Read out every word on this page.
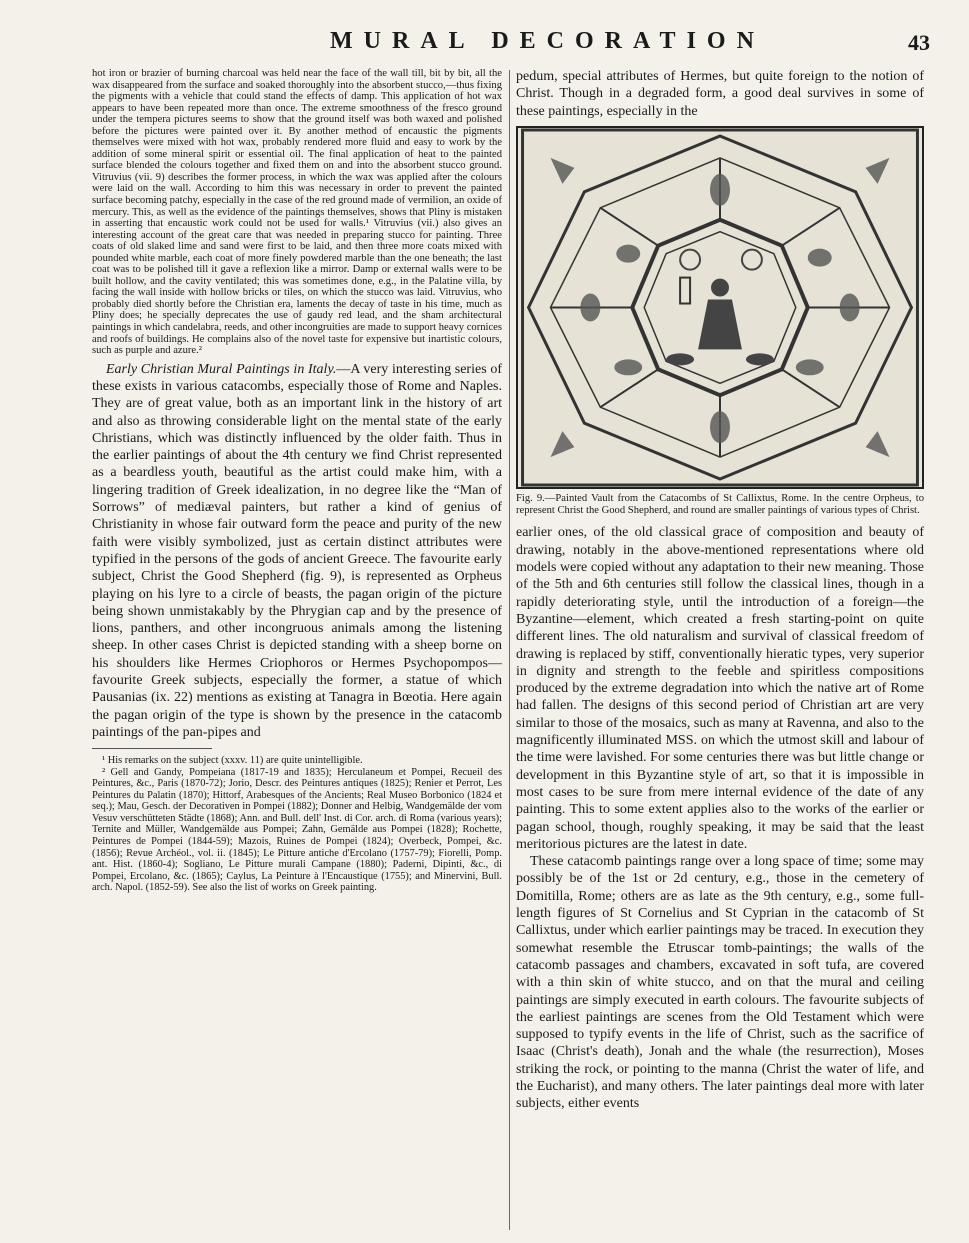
MURAL DECORATION	43

hot iron or brazier of burning charcoal was held near the face of the wall till, bit by bit, all the wax disappeared from the surface and soaked thoroughly into the absorbent stucco,—thus fixing the pigments with a vehicle that could stand the effects of damp. This application of hot wax appears to have been repeated more than once. The extreme smoothness of the fresco ground under the tempera pictures seems to show that the ground itself was both waxed and polished before the pictures were painted over it. By another method of encaustic the pigments themselves were mixed with hot wax, probably rendered more fluid and easy to work by the addition of some mineral spirit or essential oil. The final application of heat to the painted surface blended the colours together and fixed them on and into the absorbent stucco ground. Vitruvius (vii. 9) describes the former process, in which the wax was applied after the colours were laid on the wall. According to him this was necessary in order to prevent the painted surface becoming patchy, especially in the case of the red ground made of vermilion, an oxide of mercury. This, as well as the evidence of the paintings themselves, shows that Pliny is mistaken in asserting that encaustic work could not be used for walls.¹ Vitruvius (vii.) also gives an interesting account of the great care that was needed in preparing stucco for painting. Three coats of old slaked lime and sand were first to be laid, and then three more coats mixed with pounded white marble, each coat of more finely powdered marble than the one beneath; the last coat was to be polished till it gave a reflexion like a mirror. Damp or external walls were to be built hollow, and the cavity ventilated; this was sometimes done, e.g., in the Palatine villa, by facing the wall inside with hollow bricks or tiles, on which the stucco was laid. Vitruvius, who probably died shortly before the Christian era, laments the decay of taste in his time, much as Pliny does; he specially deprecates the use of gaudy red lead, and the sham architectural paintings in which candelabra, reeds, and other incongruities are made to support heavy cornices and roofs of buildings. He complains also of the novel taste for expensive but inartistic colours, such as purple and azure.²

Early Christian Mural Paintings in Italy.—A very interesting series of these exists in various catacombs, especially those of Rome and Naples. They are of great value, both as an important link in the history of art and also as throwing considerable light on the mental state of the early Christians, which was distinctly influenced by the older faith. Thus in the earlier paintings of about the 4th century we find Christ represented as a beardless youth, beautiful as the artist could make him, with a lingering tradition of Greek idealization, in no degree like the “Man of Sorrows” of mediæval painters, but rather a kind of genius of Christianity in whose fair outward form the peace and purity of the new faith were visibly symbolized, just as certain distinct attributes were typified in the persons of the gods of ancient Greece. The favourite early subject, Christ the Good Shepherd (fig. 9), is represented as Orpheus playing on his lyre to a circle of beasts, the pagan origin of the picture being shown unmistakably by the Phrygian cap and by the presence of lions, panthers, and other incongruous animals among the listening sheep. In other cases Christ is depicted standing with a sheep borne on his shoulders like Hermes Criophoros or Hermes Psychopompos—favourite Greek subjects, especially the former, a statue of which Pausanias (ix. 22) mentions as existing at Tanagra in Bœotia. Here again the pagan origin of the type is shown by the presence in the catacomb paintings of the pan-pipes and

¹ His remarks on the subject (xxxv. 11) are quite unintelligible.

² Gell and Gandy, Pompeiana (1817-19 and 1835); Herculaneum et Pompei, Recueil des Peintures, &c., Paris (1870-72); Jorio, Descr. des Peintures antiques (1825); Renier et Perrot, Les Peintures du Palatin (1870); Hittorf, Arabesques of the Ancients; Real Museo Borbonico (1824 et seq.); Mau, Gesch. der Decorativen in Pompei (1882); Donner and Helbig, Wandgemälde der vom Vesuv verschütteten Städte (1868); Ann. and Bull. dell' Inst. di Cor. arch. di Roma (various years); Ternite and Müller, Wandgemälde aus Pompei; Zahn, Gemälde aus Pompei (1828); Rochette, Peintures de Pompei (1844-59); Mazois, Ruines de Pompei (1824); Overbeck, Pompei, &c. (1856); Revue Archéol., vol. ii. (1845); Le Pitture antiche d'Ercolano (1757-79); Fiorelli, Pomp. ant. Hist. (1860-4); Sogliano, Le Pitture murali Campane (1880); Paderni, Dipinti, &c., di Pompei, Ercolano, &c. (1865); Caylus, La Peinture à l'Encaustique (1755); and Minervini, Bull. arch. Napol. (1852-59). See also the list of works on Greek painting.

pedum, special attributes of Hermes, but quite foreign to the notion of Christ. Though in a degraded form, a good deal survives in some of these paintings, especially in the

Fig. 9.—Painted Vault from the Catacombs of St Callixtus, Rome. In the centre Orpheus, to represent Christ the Good Shepherd, and round are smaller paintings of various types of Christ.

earlier ones, of the old classical grace of composition and beauty of drawing, notably in the above-mentioned representations where old models were copied without any adaptation to their new meaning. Those of the 5th and 6th centuries still follow the classical lines, though in a rapidly deteriorating style, until the introduction of a foreign—the Byzantine—element, which created a fresh starting-point on quite different lines. The old naturalism and survival of classical freedom of drawing is replaced by stiff, conventionally hieratic types, very superior in dignity and strength to the feeble and spiritless compositions produced by the extreme degradation into which the native art of Rome had fallen. The designs of this second period of Christian art are very similar to those of the mosaics, such as many at Ravenna, and also to the magnificently illuminated MSS. on which the utmost skill and labour of the time were lavished. For some centuries there was but little change or development in this Byzantine style of art, so that it is impossible in most cases to be sure from mere internal evidence of the date of any painting. This to some extent applies also to the works of the earlier or pagan school, though, roughly speaking, it may be said that the least meritorious pictures are the latest in date.

These catacomb paintings range over a long space of time; some may possibly be of the 1st or 2d century, e.g., those in the cemetery of Domitilla, Rome; others are as late as the 9th century, e.g., some full-length figures of St Cornelius and St Cyprian in the catacomb of St Callixtus, under which earlier paintings may be traced. In execution they somewhat resemble the Etruscar tomb-paintings; the walls of the catacomb passages and chambers, excavated in soft tufa, are covered with a thin skin of white stucco, and on that the mural and ceiling paintings are simply executed in earth colours. The favourite subjects of the earliest paintings are scenes from the Old Testament which were supposed to typify events in the life of Christ, such as the sacrifice of Isaac (Christ's death), Jonah and the whale (the resurrection), Moses striking the rock, or pointing to the manna (Christ the water of life, and the Eucharist), and many others. The later paintings deal more with later subjects, either events
